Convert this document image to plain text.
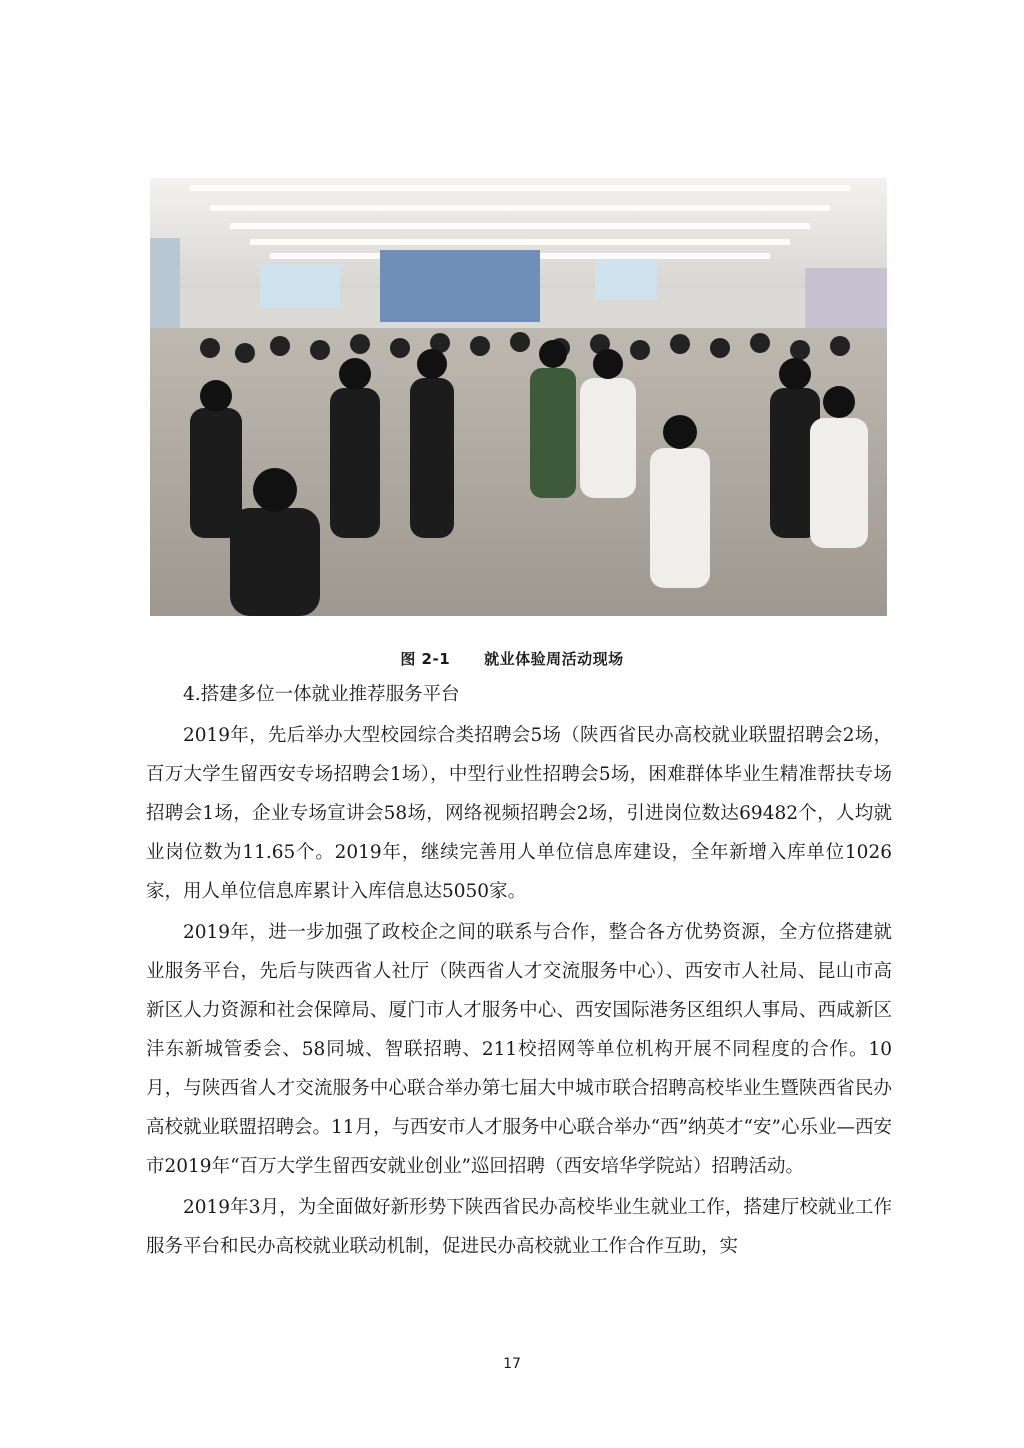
图 2-1 就业体验周活动现场

4.搭建多位一体就业推荐服务平台

2019年，先后举办大型校园综合类招聘会5场（陕西省民办高校就业联盟招聘会2场，百万大学生留西安专场招聘会1场），中型行业性招聘会5场，困难群体毕业生精准帮扶专场招聘会1场，企业专场宣讲会58场，网络视频招聘会2场，引进岗位数达69482个，人均就业岗位数为11.65个。2019年，继续完善用人单位信息库建设，全年新增入库单位1026家，用人单位信息库累计入库信息达5050家。

2019年，进一步加强了政校企之间的联系与合作，整合各方优势资源，全方位搭建就业服务平台，先后与陕西省人社厅（陕西省人才交流服务中心）、西安市人社局、昆山市高新区人力资源和社会保障局、厦门市人才服务中心、西安国际港务区组织人事局、西咸新区沣东新城管委会、58同城、智联招聘、211校招网等单位机构开展不同程度的合作。10月，与陕西省人才交流服务中心联合举办第七届大中城市联合招聘高校毕业生暨陕西省民办高校就业联盟招聘会。11月，与西安市人才服务中心联合举办“西”纳英才“安”心乐业—西安市2019年“百万大学生留西安就业创业”巡回招聘（西安培华学院站）招聘活动。

2019年3月，为全面做好新形势下陕西省民办高校毕业生就业工作，搭建厅校就业工作服务平台和民办高校就业联动机制，促进民办高校就业工作合作互助，实

17
